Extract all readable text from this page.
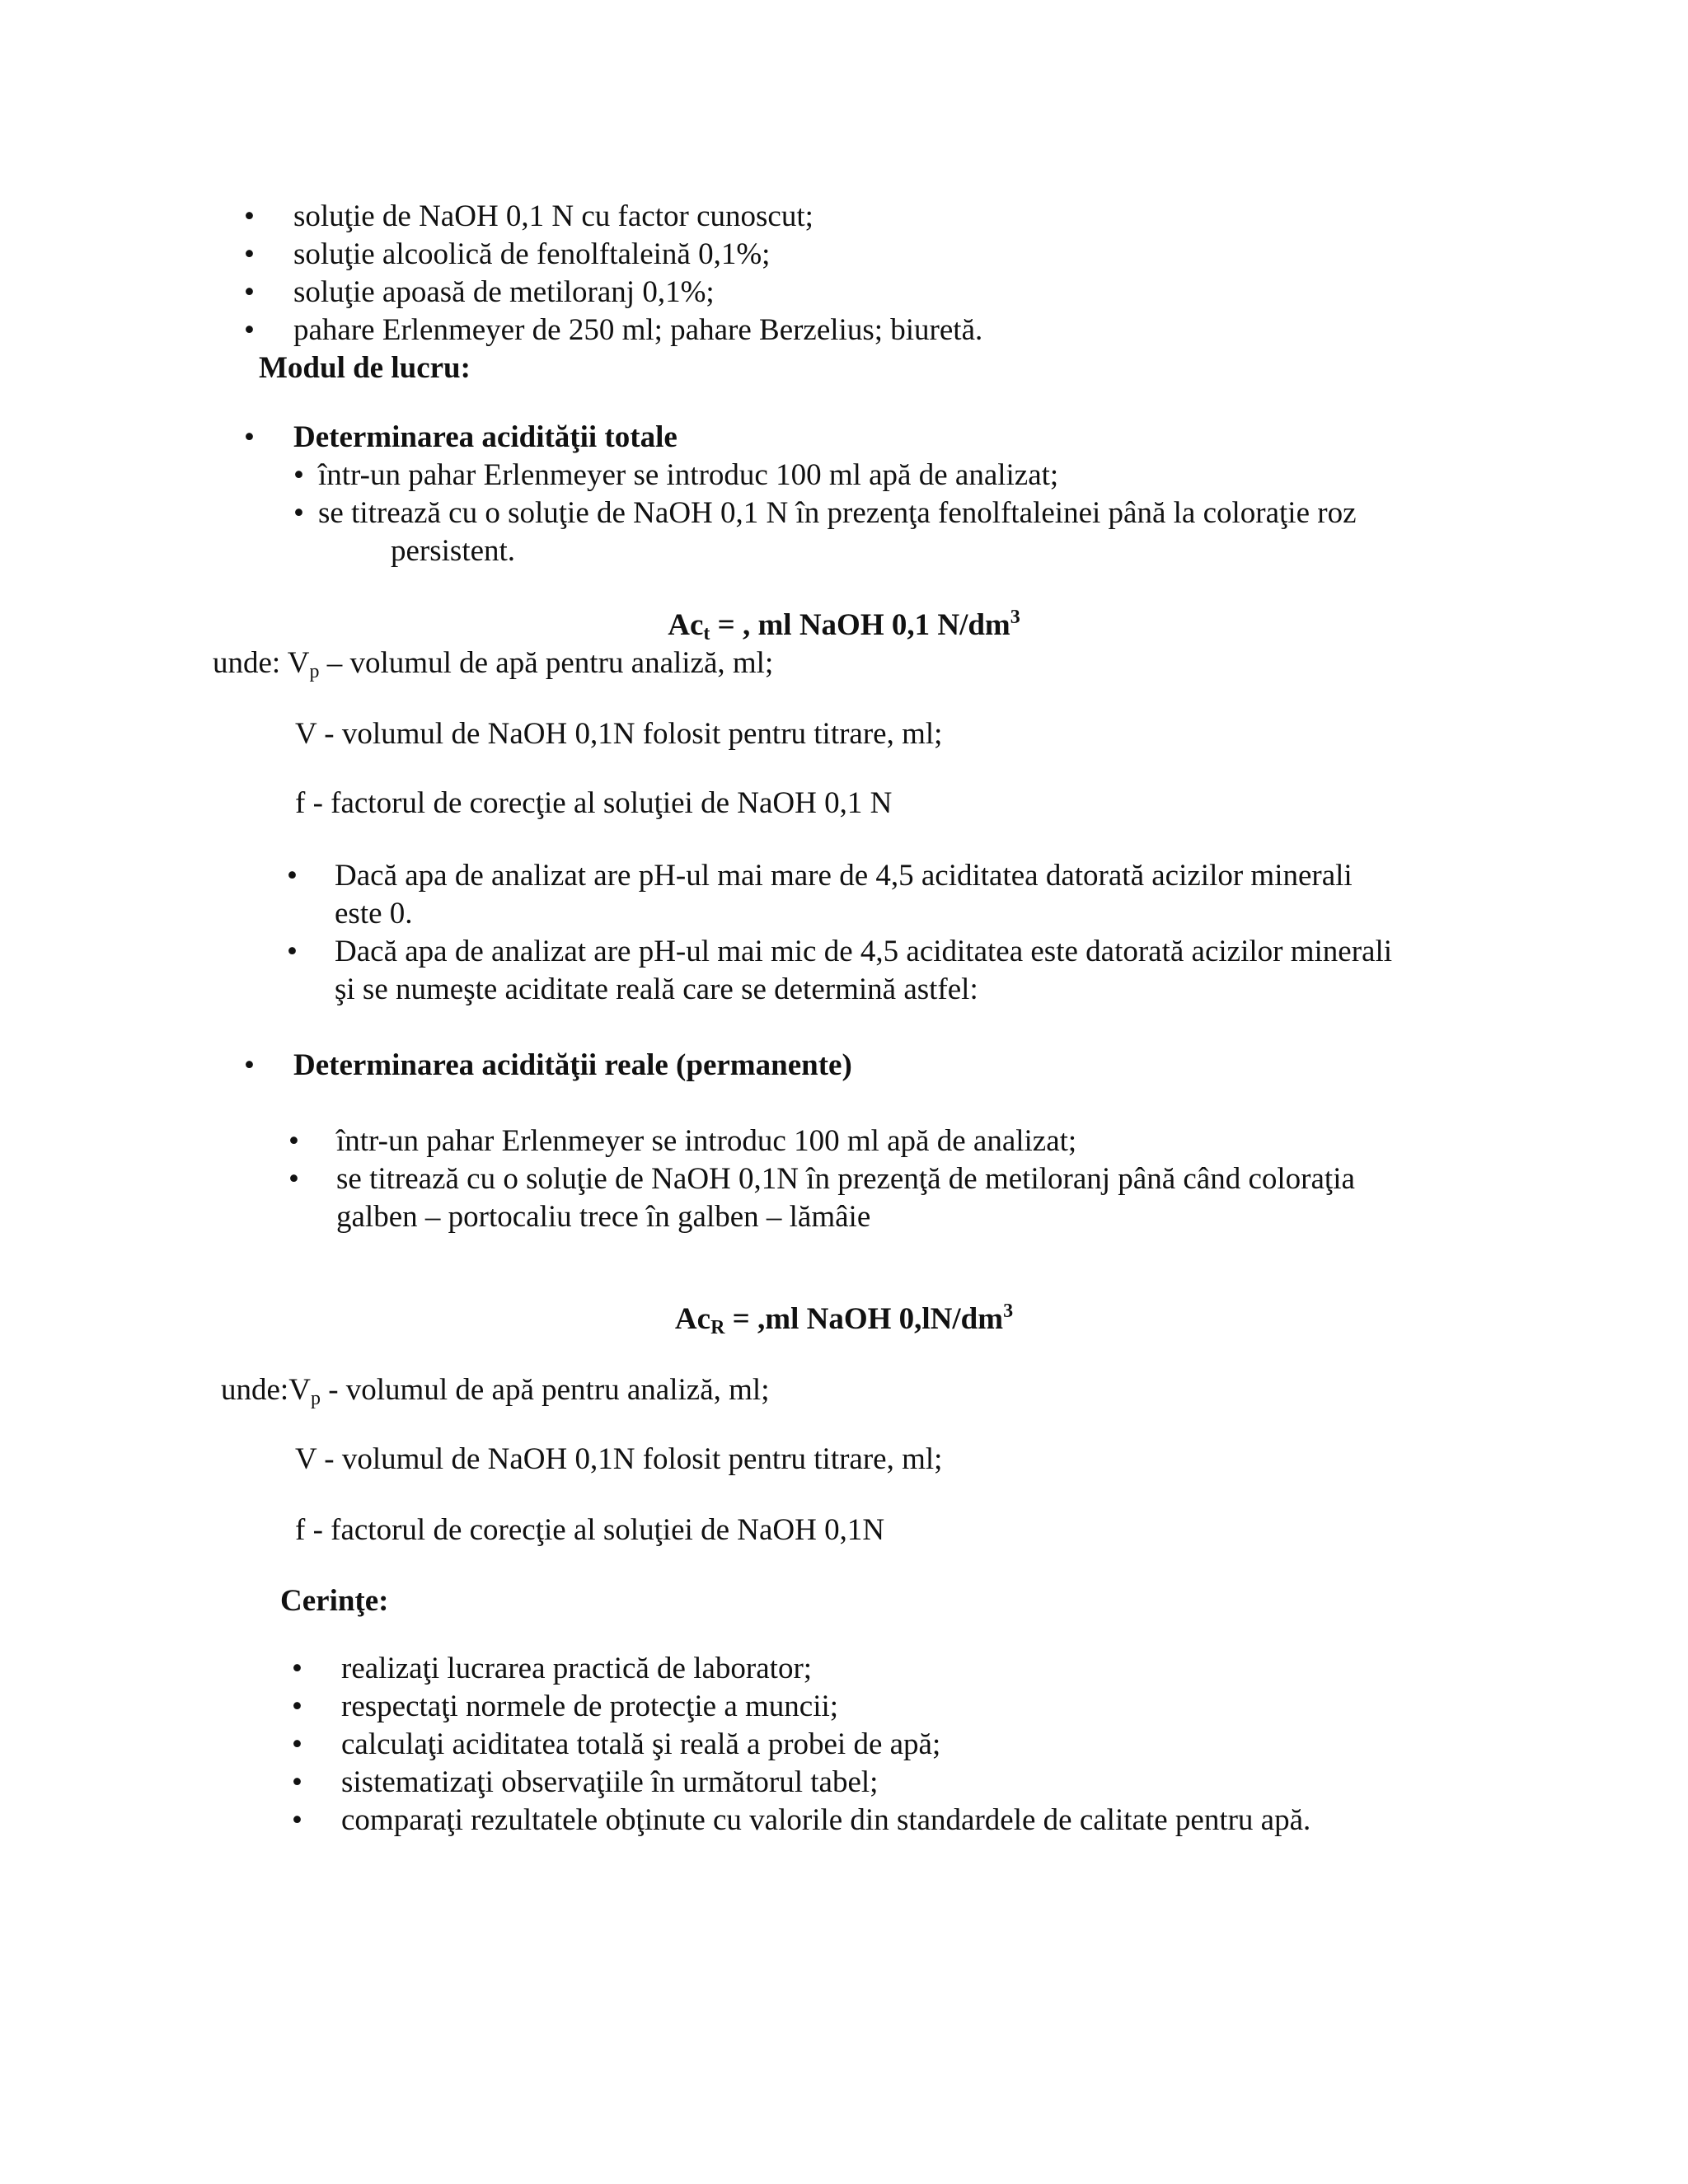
• soluţie de NaOH 0,1 N cu factor cunoscut;
• soluţie alcoolică de fenolftaleină 0,1%;
• soluţie apoasă de metiloranj 0,1%;
• pahare Erlenmeyer de 250 ml; pahare Berzelius; biuretă.
Modul de lucru:
• Determinarea acidităţii totale
• într-un pahar Erlenmeyer se introduc 100 ml apă de analizat;
• se titrează cu o soluţie de NaOH 0,1 N în prezenţa fenolftaleinei până la coloraţie roz
persistent.
$Ac_t$ = , ml NaOH 0,1 $N/dm^3$
unde: $V_p$ – volumul de apă pentru analiză, ml;
V - volumul de NaOH 0,1N folosit pentru titrare, ml;
f - factorul de corecţie al soluţiei de NaOH 0,1 N
• Dacă apa de analizat are pH-ul mai mare de 4,5 aciditatea datorată acizilor minerali
este 0.
• Dacă apa de analizat are pH-ul mai mic de 4,5 aciditatea este datorată acizilor minerali
şi se numeşte aciditate reală care se determină astfel:
• Determinarea acidităţii reale (permanente)
• într-un pahar Erlenmeyer se introduc 100 ml apă de analizat;
• se titrează cu o soluţie de NaOH 0,1N în prezenţă de metiloranj până când coloraţia
galben – portocaliu trece în galben – lămâie
$Ac_R = ,ml$ NaOH $0,lN/dm^3$
$unde:V_p$ - volumul de apă pentru analiză, ml;
V - volumul de NaOH 0,1N folosit pentru titrare, ml;
f - factorul de corecţie al soluţiei de NaOH 0,1N
Cerinţe:
• realizaţi lucrarea practică de laborator;
• respectaţi normele de protecţie a muncii;
• calculaţi aciditatea totală şi reală a probei de apă;
• sistematizaţi observaţiile în următorul tabel;
• comparaţi rezultatele obţinute cu valorile din standardele de calitate pentru apă.
